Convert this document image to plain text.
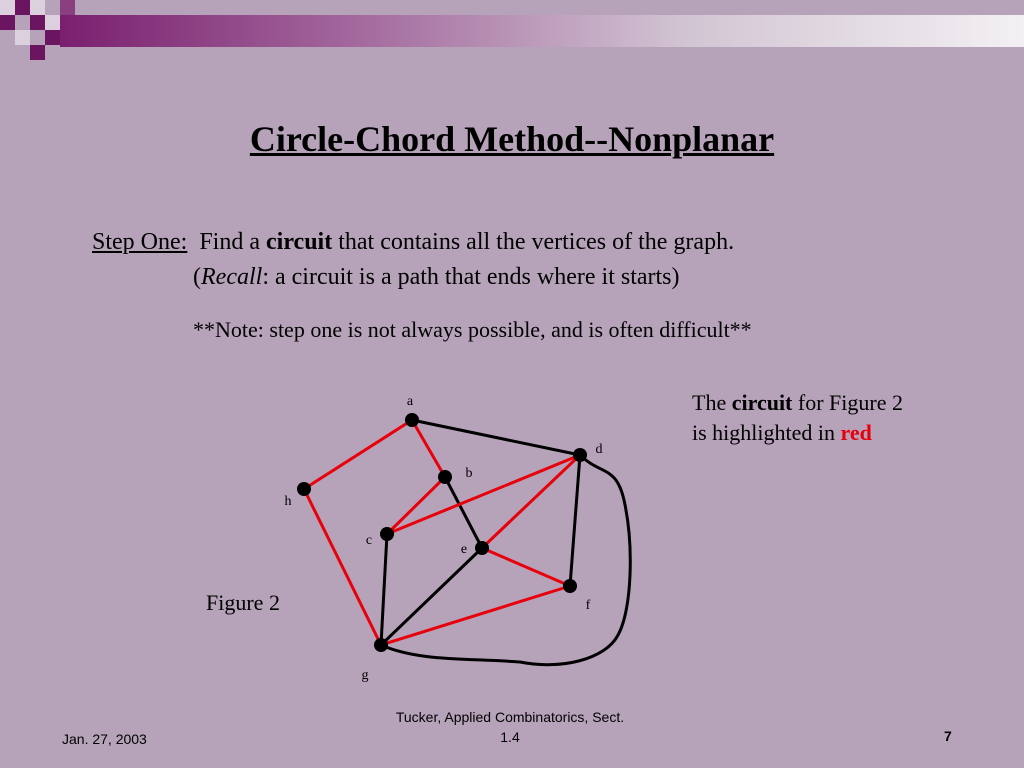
Circle-Chord Method--Nonplanar
Step One: Find a circuit that contains all the vertices of the graph.
(Recall: a circuit is a path that ends where it starts)
**Note: step one is not always possible, and is often difficult**
a
b
c
d
e
f
g
h
The circuit for Figure 2
is highlighted in red
Figure 2
Jan. 27, 2003
Tucker, Applied Combinatorics, Sect.
1.4	7
